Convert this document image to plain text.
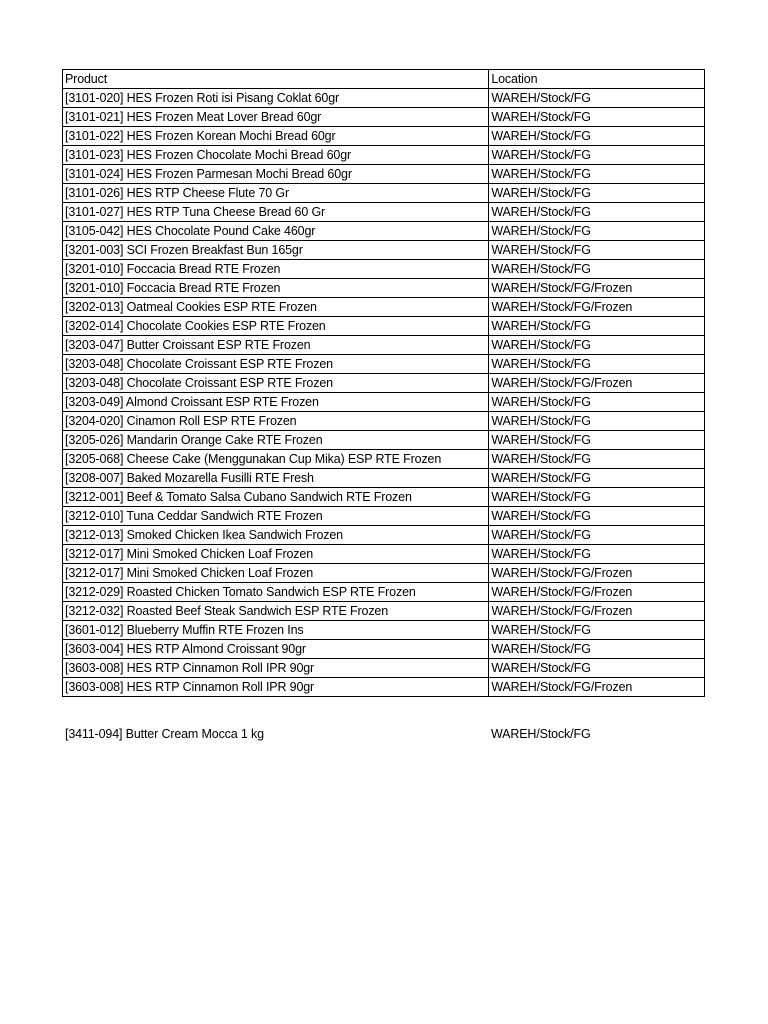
Product	Location
[3101-020] HES Frozen Roti isi Pisang Coklat 60gr	WAREH/Stock/FG
[3101-021] HES Frozen Meat Lover Bread 60gr	WAREH/Stock/FG
[3101-022] HES Frozen Korean Mochi Bread 60gr	WAREH/Stock/FG
[3101-023] HES Frozen Chocolate Mochi Bread 60gr	WAREH/Stock/FG
[3101-024] HES Frozen Parmesan Mochi Bread 60gr	WAREH/Stock/FG
[3101-026] HES RTP Cheese Flute 70 Gr	WAREH/Stock/FG
[3101-027] HES RTP Tuna Cheese Bread 60 Gr	WAREH/Stock/FG
[3105-042] HES Chocolate Pound Cake 460gr	WAREH/Stock/FG
[3201-003] SCI Frozen Breakfast Bun 165gr	WAREH/Stock/FG
[3201-010] Foccacia Bread RTE Frozen	WAREH/Stock/FG
[3201-010] Foccacia Bread RTE Frozen	WAREH/Stock/FG/Frozen
[3202-013] Oatmeal Cookies ESP RTE Frozen	WAREH/Stock/FG/Frozen
[3202-014] Chocolate Cookies ESP RTE Frozen	WAREH/Stock/FG
[3203-047] Butter Croissant ESP RTE Frozen	WAREH/Stock/FG
[3203-048] Chocolate Croissant ESP RTE Frozen	WAREH/Stock/FG
[3203-048] Chocolate Croissant ESP RTE Frozen	WAREH/Stock/FG/Frozen
[3203-049] Almond Croissant ESP RTE Frozen	WAREH/Stock/FG
[3204-020] Cinamon Roll ESP RTE Frozen	WAREH/Stock/FG
[3205-026] Mandarin Orange Cake RTE Frozen	WAREH/Stock/FG
[3205-068] Cheese Cake (Menggunakan Cup Mika) ESP RTE Frozen	WAREH/Stock/FG
[3208-007] Baked Mozarella Fusilli RTE Fresh	WAREH/Stock/FG
[3212-001] Beef & Tomato Salsa Cubano Sandwich RTE Frozen	WAREH/Stock/FG
[3212-010] Tuna Ceddar Sandwich RTE Frozen	WAREH/Stock/FG
[3212-013] Smoked Chicken Ikea Sandwich Frozen	WAREH/Stock/FG
[3212-017] Mini Smoked Chicken Loaf Frozen	WAREH/Stock/FG
[3212-017] Mini Smoked Chicken Loaf Frozen	WAREH/Stock/FG/Frozen
[3212-029] Roasted Chicken Tomato Sandwich ESP RTE Frozen	WAREH/Stock/FG/Frozen
[3212-032] Roasted Beef Steak Sandwich ESP RTE Frozen	WAREH/Stock/FG/Frozen
[3601-012] Blueberry Muffin RTE Frozen Ins	WAREH/Stock/FG
[3603-004] HES RTP Almond Croissant 90gr	WAREH/Stock/FG
[3603-008] HES RTP Cinnamon Roll IPR 90gr	WAREH/Stock/FG
[3603-008] HES RTP Cinnamon Roll IPR 90gr	WAREH/Stock/FG/Frozen
[3411-094] Butter Cream Mocca 1 kg	WAREH/Stock/FG
